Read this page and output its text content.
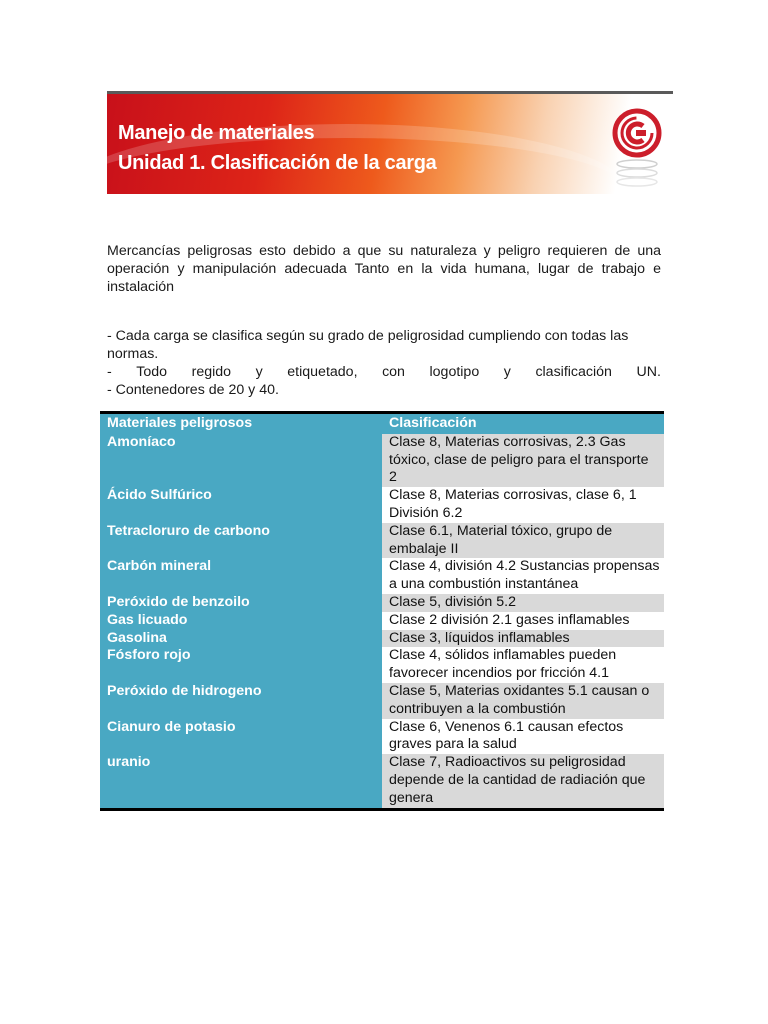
Manejo de materiales
Unidad 1. Clasificación de la carga

Mercancías peligrosas esto debido a que su naturaleza y peligro requieren de una operación y manipulación adecuada Tanto en la vida humana, lugar de trabajo e instalación

- Cada carga se clasifica según su grado de peligrosidad cumpliendo con todas las
normas.
- Todo regido y etiquetado, con logotipo y clasificación UN.
- Contenedores de 20 y 40.
Materiales peligrosos	Clasificación
Amoníaco	Clase 8, Materias corrosivas, 2.3 Gas tóxico, clase de peligro para el transporte 2
Ácido Sulfúrico	Clase 8, Materias corrosivas, clase 6, 1 División 6.2
Tetracloruro de carbono	Clase 6.1, Material tóxico, grupo de embalaje II
Carbón mineral	Clase 4, división 4.2 Sustancias propensas a una combustión instantánea
Peróxido de benzoilo	Clase 5, división 5.2
Gas licuado	Clase 2 división 2.1 gases inflamables
Gasolina	Clase 3, líquidos inflamables
Fósforo rojo	Clase 4, sólidos inflamables pueden favorecer incendios por fricción 4.1
Peróxido de hidrogeno	Clase 5, Materias oxidantes 5.1 causan o contribuyen a la combustión
Cianuro de potasio	Clase 6, Venenos 6.1 causan efectos graves para la salud
uranio	Clase 7, Radioactivos su peligrosidad depende de la cantidad de radiación que genera
